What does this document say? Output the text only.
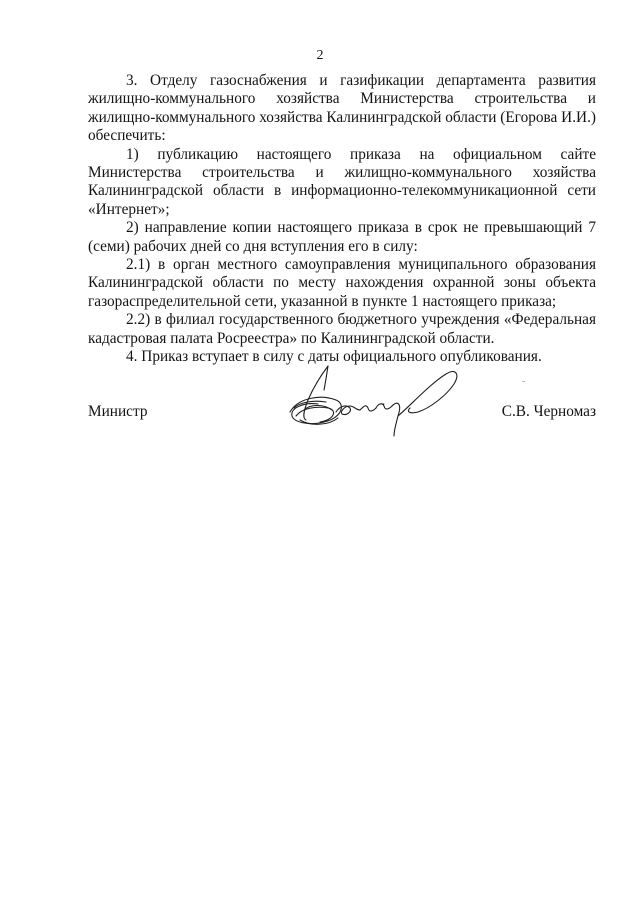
2

3. Отделу газоснабжения и газификации департамента развития жилищно-коммунального хозяйства Министерства строительства и жилищно-коммунального хозяйства Калининградской области (Егорова И.И.) обеспечить:

1) публикацию настоящего приказа на официальном сайте Министерства строительства и жилищно-коммунального хозяйства Калининградской области в информационно-телекоммуникационной сети «Интернет»;

2) направление копии настоящего приказа в срок не превышающий 7 (семи) рабочих дней со дня вступления его в силу:

2.1) в орган местного самоуправления муниципального образования Калининградской области по месту нахождения охранной зоны объекта газораспределительной сети, указанной в пункте 1 настоящего приказа;

2.2) в филиал государственного бюджетного учреждения «Федеральная кадастровая палата Росреестра» по Калининградской области.

4. Приказ вступает в силу с даты официального опубликования.

Министр	С.В. Черномаз
